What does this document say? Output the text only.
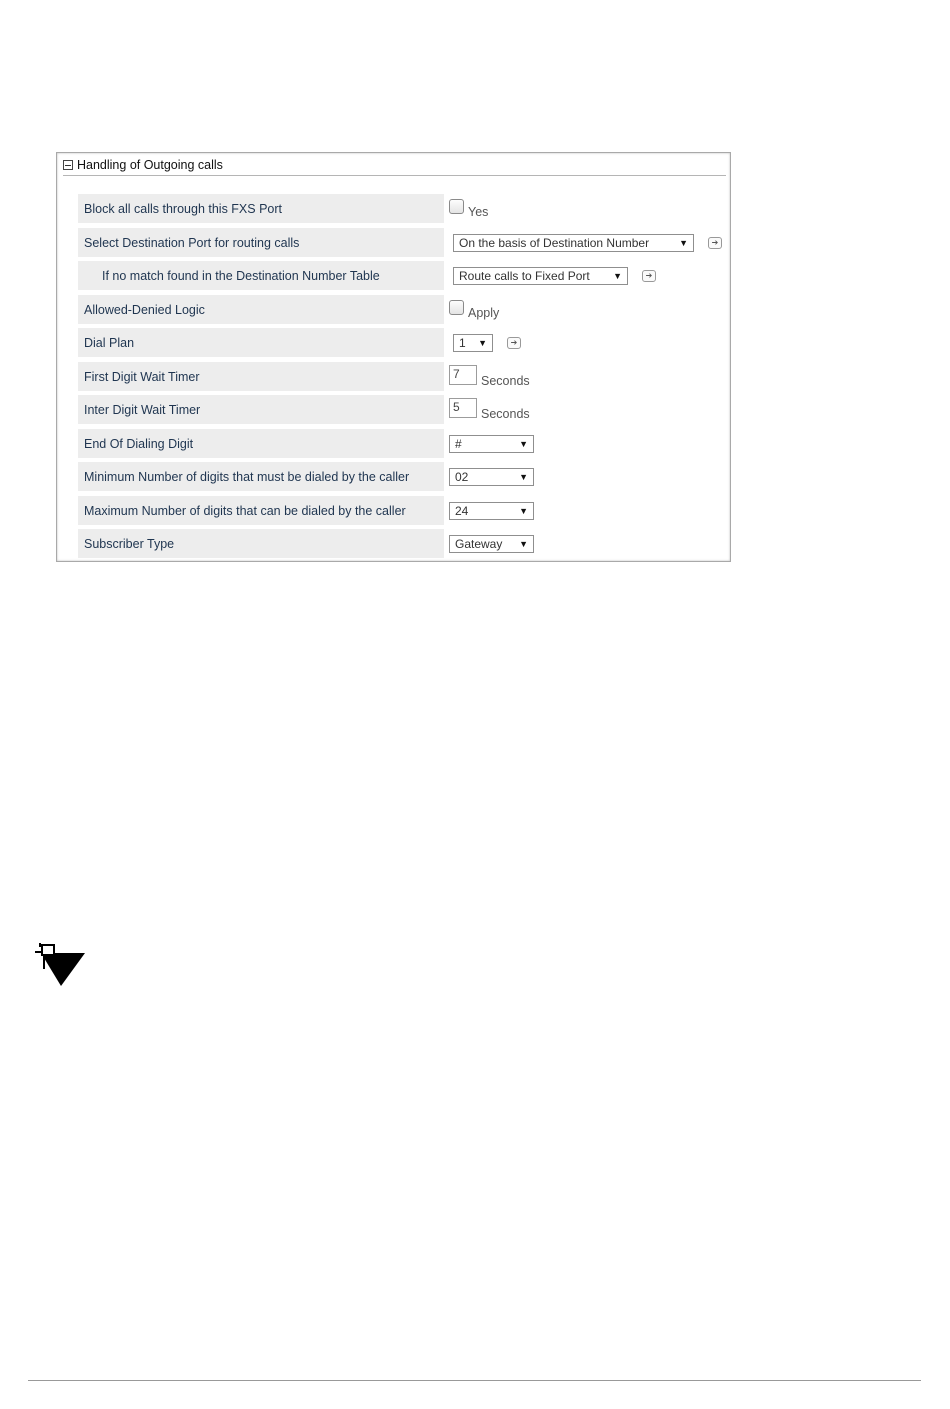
Handling of Outgoing calls
Block all calls through this FXS Port	Yes
Select Destination Port for routing calls	On the basis of Destination Number	▼	➔
If no match found in the Destination Number Table	Route calls to Fixed Port	▼	➔
Allowed-Denied Logic	Apply
Dial Plan	1 ▼	➔
First Digit Wait Timer	7	Seconds
Inter Digit Wait Timer	5	Seconds
End Of Dialing Digit	#	▼
Minimum Number of digits that must be dialed by the caller	02	▼
Maximum Number of digits that can be dialed by the caller	24	▼
Subscriber Type	Gateway ▼
